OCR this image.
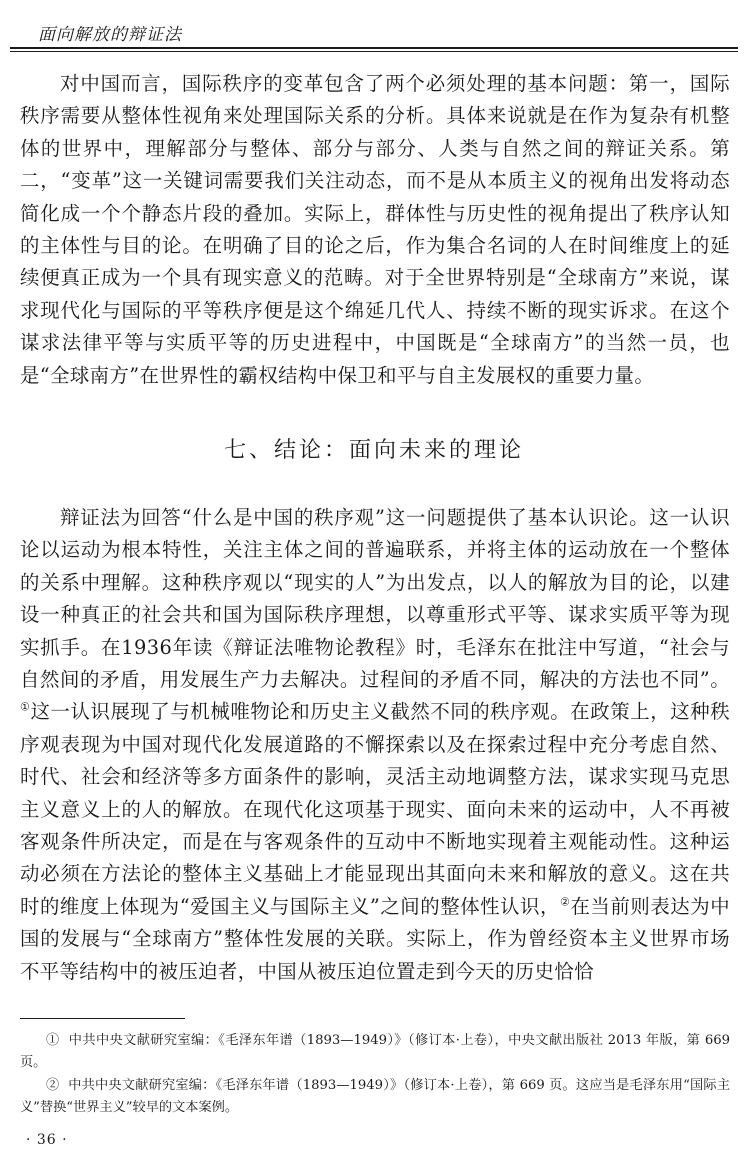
面向解放的辩证法

对中国而言，国际秩序的变革包含了两个必须处理的基本问题：第一，国际秩序需要从整体性视角来处理国际关系的分析。具体来说就是在作为复杂有机整体的世界中，理解部分与整体、部分与部分、人类与自然之间的辩证关系。第二，“变革”这一关键词需要我们关注动态，而不是从本质主义的视角出发将动态简化成一个个静态片段的叠加。实际上，群体性与历史性的视角提出了秩序认知的主体性与目的论。在明确了目的论之后，作为集合名词的人在时间维度上的延续便真正成为一个具有现实意义的范畴。对于全世界特别是“全球南方”来说，谋求现代化与国际的平等秩序便是这个绵延几代人、持续不断的现实诉求。在这个谋求法律平等与实质平等的历史进程中，中国既是“全球南方”的当然一员，也是“全球南方”在世界性的霸权结构中保卫和平与自主发展权的重要力量。

七、结论：面向未来的理论

辩证法为回答“什么是中国的秩序观”这一问题提供了基本认识论。这一认识论以运动为根本特性，关注主体之间的普遍联系，并将主体的运动放在一个整体的关系中理解。这种秩序观以“现实的人”为出发点，以人的解放为目的论，以建设一种真正的社会共和国为国际秩序理想，以尊重形式平等、谋求实质平等为现实抓手。在1936年读《辩证法唯物论教程》时，毛泽东在批注中写道，“社会与自然间的矛盾，用发展生产力去解决。过程间的矛盾不同，解决的方法也不同”。①这一认识展现了与机械唯物论和历史主义截然不同的秩序观。在政策上，这种秩序观表现为中国对现代化发展道路的不懈探索以及在探索过程中充分考虑自然、时代、社会和经济等多方面条件的影响，灵活主动地调整方法，谋求实现马克思主义意义上的人的解放。在现代化这项基于现实、面向未来的运动中，人不再被客观条件所决定，而是在与客观条件的互动中不断地实现着主观能动性。这种运动必须在方法论的整体主义基础上才能显现出其面向未来和解放的意义。这在共时的维度上体现为“爱国主义与国际主义”之间的整体性认识，②在当前则表达为中国的发展与“全球南方”整体性发展的关联。实际上，作为曾经资本主义世界市场不平等结构中的被压迫者，中国从被压迫位置走到今天的历史恰恰

① 中共中央文献研究室编：《毛泽东年谱（1893—1949）》（修订本·上卷），中央文献出版社 2013 年版，第 669 页。

② 中共中央文献研究室编：《毛泽东年谱（1893—1949）》（修订本·上卷），第 669 页。这应当是毛泽东用“国际主义”替换“世界主义”较早的文本案例。

· 36 ·
